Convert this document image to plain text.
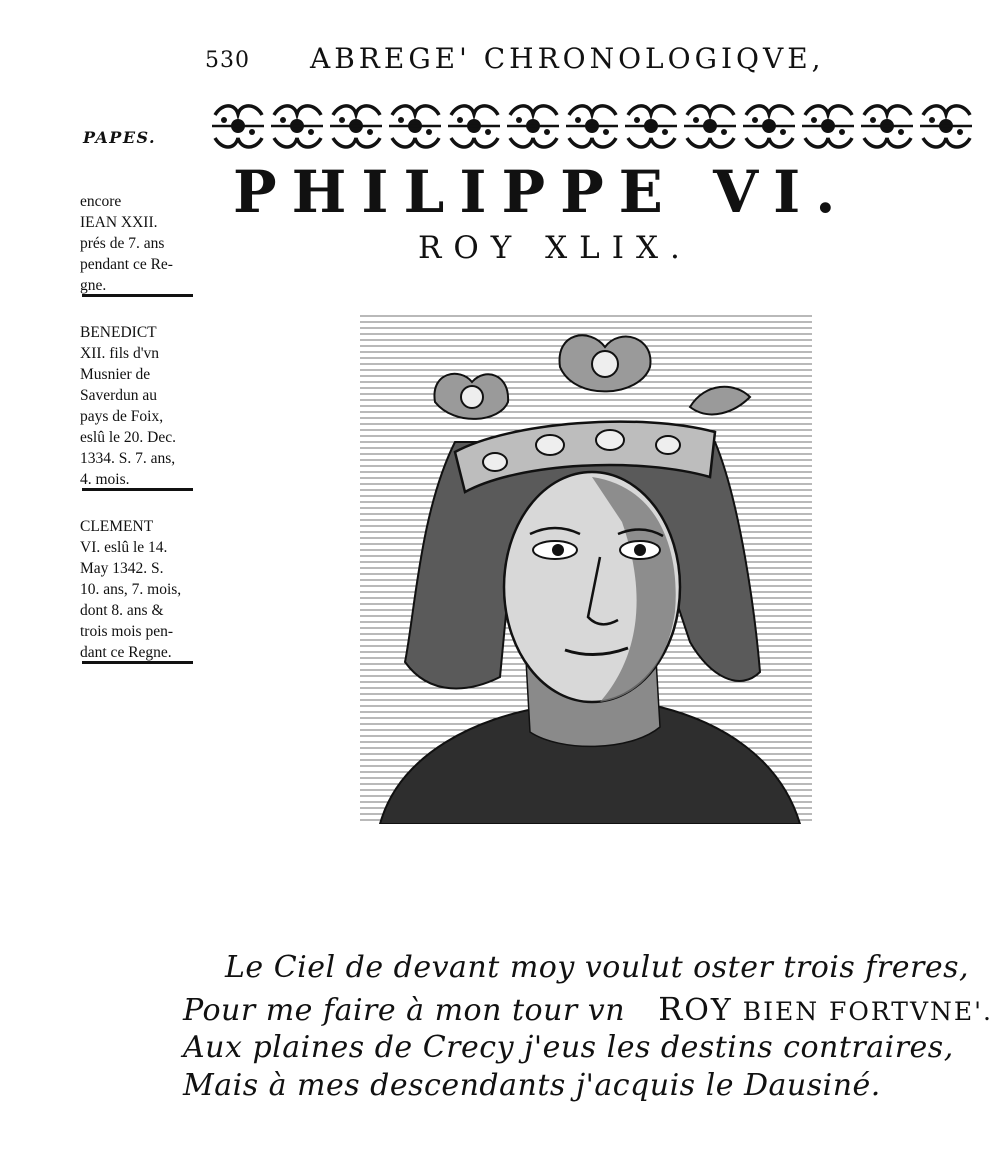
530 ABREGE' CHRONOLOGIQVE,
PAPES.
encore
IEAN XXII.
prés de 7. ans
pendant ce Re-
gne.
BENEDICT
XII. fils d'vn
Musnier de
Saverdun au
pays de Foix,
eslû le 20. Dec.
1334. S. 7. ans,
4. mois.
CLEMENT
VI. eslû le 14.
May 1342. S.
10. ans, 7. mois,
dont 8. ans &
trois mois pen-
dant ce Regne.
PHILIPPE VI.
ROY XLIX.
Le Ciel de devant moy voulut oster trois freres,
Pour me faire à mon tour vn ROY BIEN FORTVNE'.
Aux plaines de Crecy j'eus les destins contraires,
Mais à mes descendants j'acquis le Dausiné.
